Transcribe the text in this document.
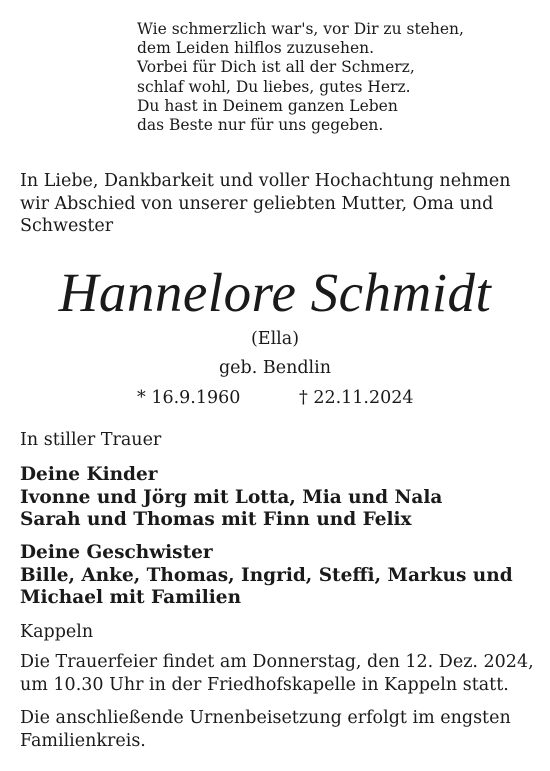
Wie schmerzlich war's, vor Dir zu stehen,
dem Leiden hilflos zuzusehen.
Vorbei für Dich ist all der Schmerz,
schlaf wohl, Du liebes, gutes Herz.
Du hast in Deinem ganzen Leben
das Beste nur für uns gegeben.
In Liebe, Dankbarkeit und voller Hochachtung nehmen
wir Abschied von unserer geliebten Mutter, Oma und
Schwester
Hannelore Schmidt
(Ella)
geb. Bendlin
* 16.9.1960	† 22.11.2024
In stiller Trauer
Deine Kinder
Ivonne und Jörg mit Lotta, Mia und Nala
Sarah und Thomas mit Finn und Felix
Deine Geschwister
Bille, Anke, Thomas, Ingrid, Steffi, Markus und
Michael mit Familien
Kappeln
Die Trauerfeier findet am Donnerstag, den 12. Dez. 2024,
um 10.30 Uhr in der Friedhofskapelle in Kappeln statt.
Die anschließende Urnenbeisetzung erfolgt im engsten
Familienkreis.
